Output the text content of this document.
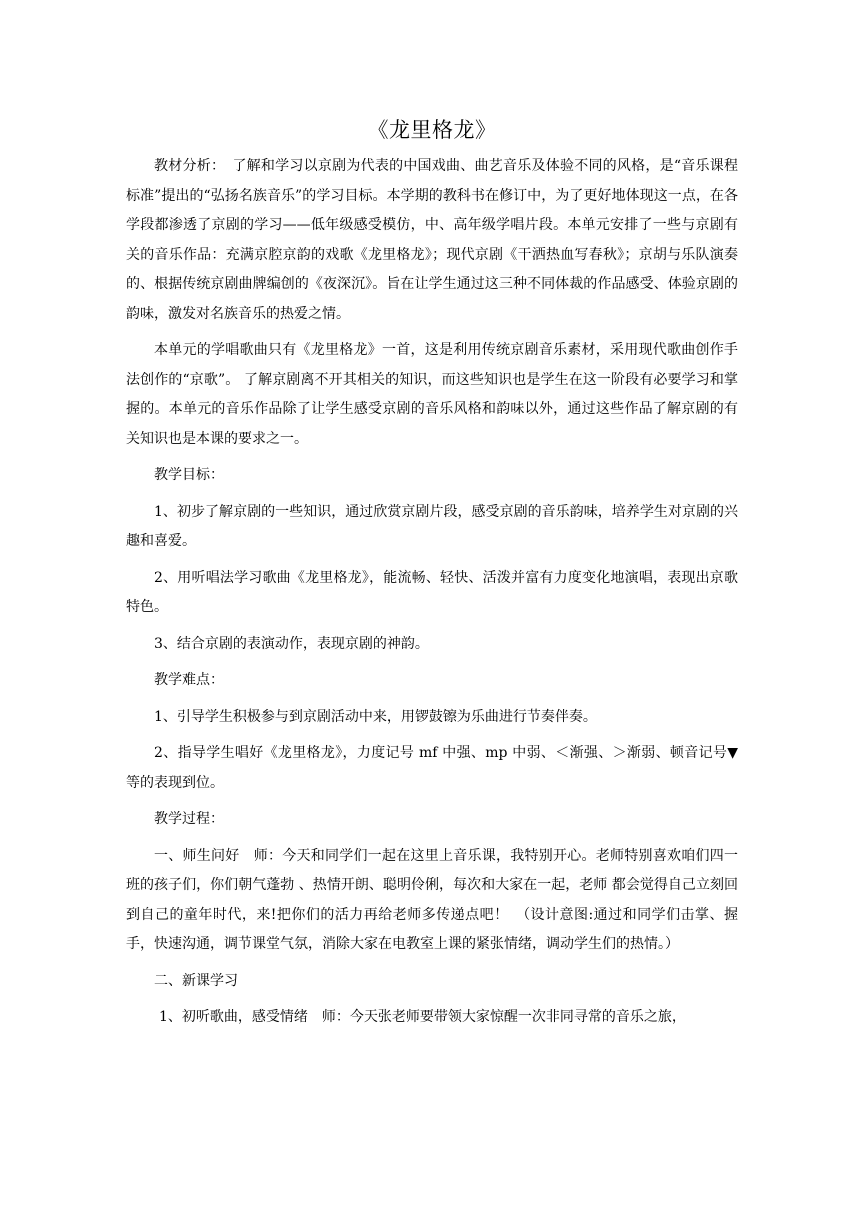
《龙里格龙》

教材分析：　了解和学习以京剧为代表的中国戏曲、曲艺音乐及体验不同的风格，是“音乐课程标准”提出的“弘扬名族音乐”的学习目标。本学期的教科书在修订中，为了更好地体现这一点，在各学段都渗透了京剧的学习——低年级感受模仿，中、高年级学唱片段。本单元安排了一些与京剧有关的音乐作品：充满京腔京韵的戏歌《龙里格龙》；现代京剧《干洒热血写春秋》；京胡与乐队演奏的、根据传统京剧曲牌编创的《夜深沉》。旨在让学生通过这三种不同体裁的作品感受、体验京剧的韵味，激发对名族音乐的热爱之情。

本单元的学唱歌曲只有《龙里格龙》一首，这是利用传统京剧音乐素材，采用现代歌曲创作手法创作的“京歌”。 了解京剧离不开其相关的知识，而这些知识也是学生在这一阶段有必要学习和掌握的。本单元的音乐作品除了让学生感受京剧的音乐风格和韵味以外，通过这些作品了解京剧的有关知识也是本课的要求之一。

教学目标：

1、初步了解京剧的一些知识，通过欣赏京剧片段，感受京剧的音乐韵味，培养学生对京剧的兴趣和喜爱。

2、用听唱法学习歌曲《龙里格龙》，能流畅、轻快、活泼并富有力度变化地演唱，表现出京歌特色。

3、结合京剧的表演动作，表现京剧的神韵。

教学难点：

1、引导学生积极参与到京剧活动中来，用锣鼓镲为乐曲进行节奏伴奏。

2、指导学生唱好《龙里格龙》，力度记号 mf 中强、mp 中弱、＜渐强、＞渐弱、顿音记号▼ 等的表现到位。

教学过程：

一、师生问好　师：今天和同学们一起在这里上音乐课，我特别开心。老师特别喜欢咱们四一班的孩子们，你们朝气蓬勃 、热情开朗、聪明伶俐，每次和大家在一起，老师 都会觉得自己立刻回到自己的童年时代，来!把你们的活力再给老师多传递点吧！　（设计意图:通过和同学们击掌、握手，快速沟通，调节课堂气氛，消除大家在电教室上课的紧张情绪，调动学生们的热情。）

二、新课学习

1、初听歌曲，感受情绪　师：今天张老师要带领大家惊醒一次非同寻常的音乐之旅，
